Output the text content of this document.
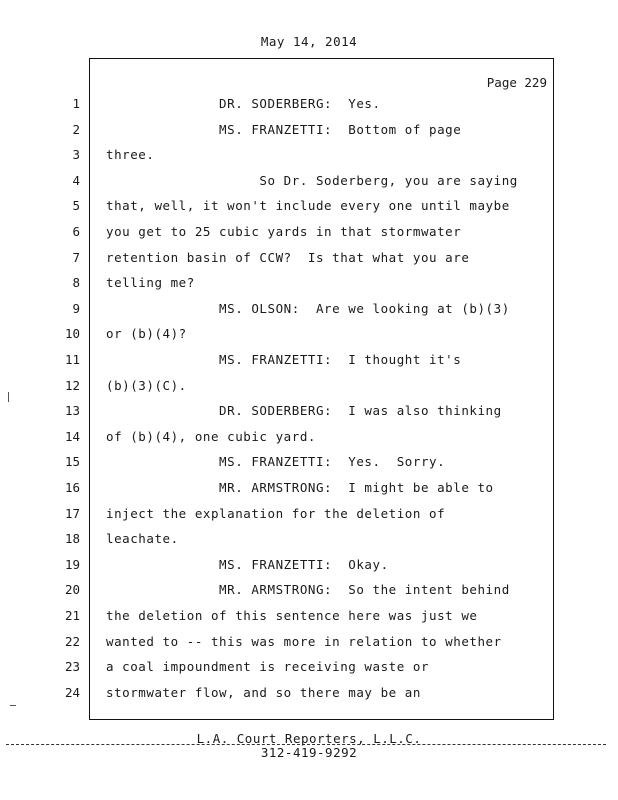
May 14, 2014
Page 229
1 DR. SODERBERG:  Yes.
2 MS. FRANZETTI:  Bottom of page
3 three.
4 So Dr. Soderberg, you are saying
5 that, well, it won't include every one until maybe
6 you get to 25 cubic yards in that stormwater
7 retention basin of CCW?  Is that what you are
8 telling me?
9 MS. OLSON:  Are we looking at (b)(3)
10 or (b)(4)?
11 MS. FRANZETTI:  I thought it's
12 (b)(3)(C).
13 DR. SODERBERG:  I was also thinking
14 of (b)(4), one cubic yard.
15 MS. FRANZETTI:  Yes.  Sorry.
16 MR. ARMSTRONG:  I might be able to
17 inject the explanation for the deletion of
18 leachate.
19 MS. FRANZETTI:  Okay.
20 MR. ARMSTRONG:  So the intent behind
21 the deletion of this sentence here was just we
22 wanted to -- this was more in relation to whether
23 a coal impoundment is receiving waste or
24 stormwater flow, and so there may be an
L.A. Court Reporters, L.L.C.
312-419-9292
